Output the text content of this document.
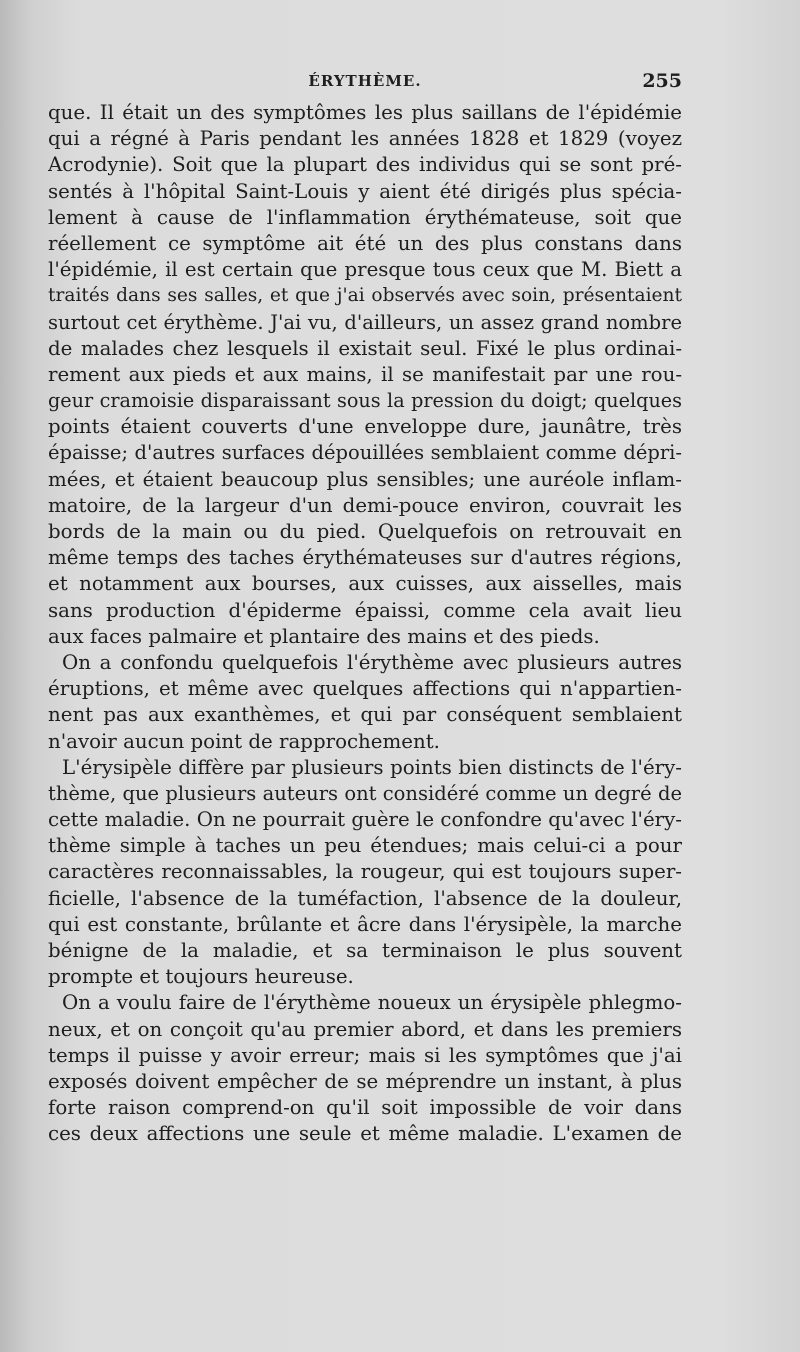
ÉRYTHÈME.	255
que. Il était un des symptômes les plus saillans de l'épidémie
qui a régné à Paris pendant les années 1828 et 1829 (voyez
Acrodynie). Soit que la plupart des individus qui se sont pré-
sentés à l'hôpital Saint-Louis y aient été dirigés plus spécia-
lement à cause de l'inflammation érythémateuse, soit que
réellement ce symptôme ait été un des plus constans dans
l'épidémie, il est certain que presque tous ceux que M. Biett a
traités dans ses salles, et que j'ai observés avec soin, présentaient
surtout cet érythème. J'ai vu, d'ailleurs, un assez grand nombre
de malades chez lesquels il existait seul. Fixé le plus ordinai-
rement aux pieds et aux mains, il se manifestait par une rou-
geur cramoisie disparaissant sous la pression du doigt; quelques
points étaient couverts d'une enveloppe dure, jaunâtre, très
épaisse; d'autres surfaces dépouillées semblaient comme dépri-
mées, et étaient beaucoup plus sensibles; une auréole inflam-
matoire, de la largeur d'un demi-pouce environ, couvrait les
bords de la main ou du pied. Quelquefois on retrouvait en
même temps des taches érythémateuses sur d'autres régions,
et notamment aux bourses, aux cuisses, aux aisselles, mais
sans production d'épiderme épaissi, comme cela avait lieu
aux faces palmaire et plantaire des mains et des pieds.
On a confondu quelquefois l'érythème avec plusieurs autres
éruptions, et même avec quelques affections qui n'appartien-
nent pas aux exanthèmes, et qui par conséquent semblaient
n'avoir aucun point de rapprochement.
L'érysipèle diffère par plusieurs points bien distincts de l'éry-
thème, que plusieurs auteurs ont considéré comme un degré de
cette maladie. On ne pourrait guère le confondre qu'avec l'éry-
thème simple à taches un peu étendues; mais celui-ci a pour
caractères reconnaissables, la rougeur, qui est toujours super-
ficielle, l'absence de la tuméfaction, l'absence de la douleur,
qui est constante, brûlante et âcre dans l'érysipèle, la marche
bénigne de la maladie, et sa terminaison le plus souvent
prompte et toujours heureuse.
On a voulu faire de l'érythème noueux un érysipèle phlegmo-
neux, et on conçoit qu'au premier abord, et dans les premiers
temps il puisse y avoir erreur; mais si les symptômes que j'ai
exposés doivent empêcher de se méprendre un instant, à plus
forte raison comprend-on qu'il soit impossible de voir dans
ces deux affections une seule et même maladie. L'examen de
